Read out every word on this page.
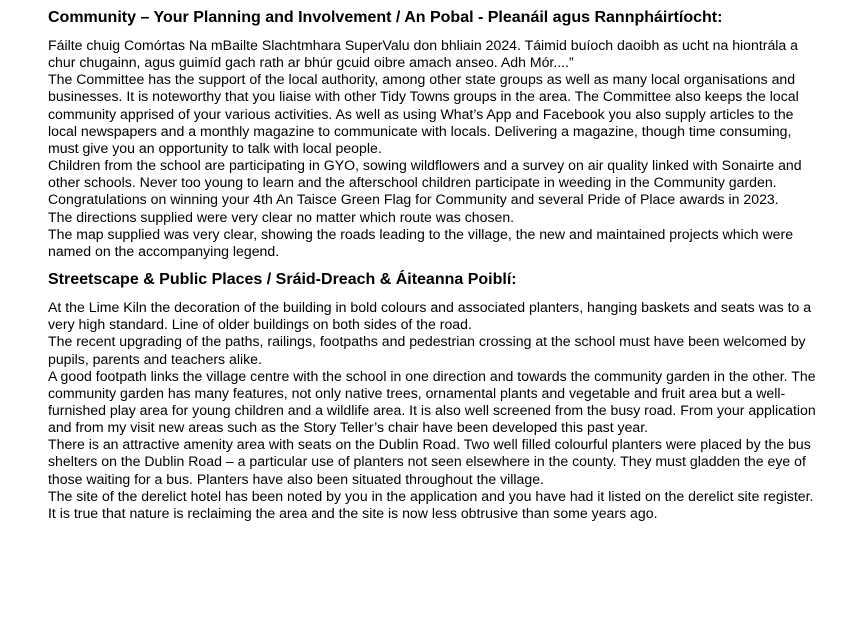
Community – Your Planning and Involvement / An Pobal - Pleanáil agus Rannpháirtíocht:

Fáilte chuig Comórtas Na mBailte Slachtmhara SuperValu don bhliain 2024. Táimid buíoch daoibh as ucht na hiontrála a chur chugainn, agus guimíd gach rath ar bhúr gcuid oibre amach anseo. Adh Mór....”

The Committee has the support of the local authority, among other state groups as well as many local organisations and businesses. It is noteworthy that you liaise with other Tidy Towns groups in the area. The Committee also keeps the local community apprised of your various activities. As well as using What’s App and Facebook you also supply articles to the local newspapers and a monthly magazine to communicate with locals. Delivering a magazine, though time consuming, must give you an opportunity to talk with local people.

Children from the school are participating in GYO, sowing wildflowers and a survey on air quality linked with Sonairte and other schools. Never too young to learn and the afterschool children participate in weeding in the Community garden.

Congratulations on winning your 4th An Taisce Green Flag for Community and several Pride of Place awards in 2023.

The directions supplied were very clear no matter which route was chosen.

The map supplied was very clear, showing the roads leading to the village, the new and maintained projects which were named on the accompanying legend.

Streetscape & Public Places / Sráid-Dreach & Áiteanna Poiblí:

At the Lime Kiln the decoration of the building in bold colours and associated planters, hanging baskets and seats was to a very high standard. Line of older buildings on both sides of the road.

The recent upgrading of the paths, railings, footpaths and pedestrian crossing at the school must have been welcomed by pupils, parents and teachers alike.

A good footpath links the village centre with the school in one direction and towards the community garden in the other. The community garden has many features, not only native trees, ornamental plants and vegetable and fruit area but a well-furnished play area for young children and a wildlife area. It is also well screened from the busy road. From your application and from my visit new areas such as the Story Teller’s chair have been developed this past year.

There is an attractive amenity area with seats on the Dublin Road. Two well filled colourful planters were placed by the bus shelters on the Dublin Road – a particular use of planters not seen elsewhere in the county. They must gladden the eye of those waiting for a bus. Planters have also been situated throughout the village.

The site of the derelict hotel has been noted by you in the application and you have had it listed on the derelict site register. It is true that nature is reclaiming the area and the site is now less obtrusive than some years ago.
